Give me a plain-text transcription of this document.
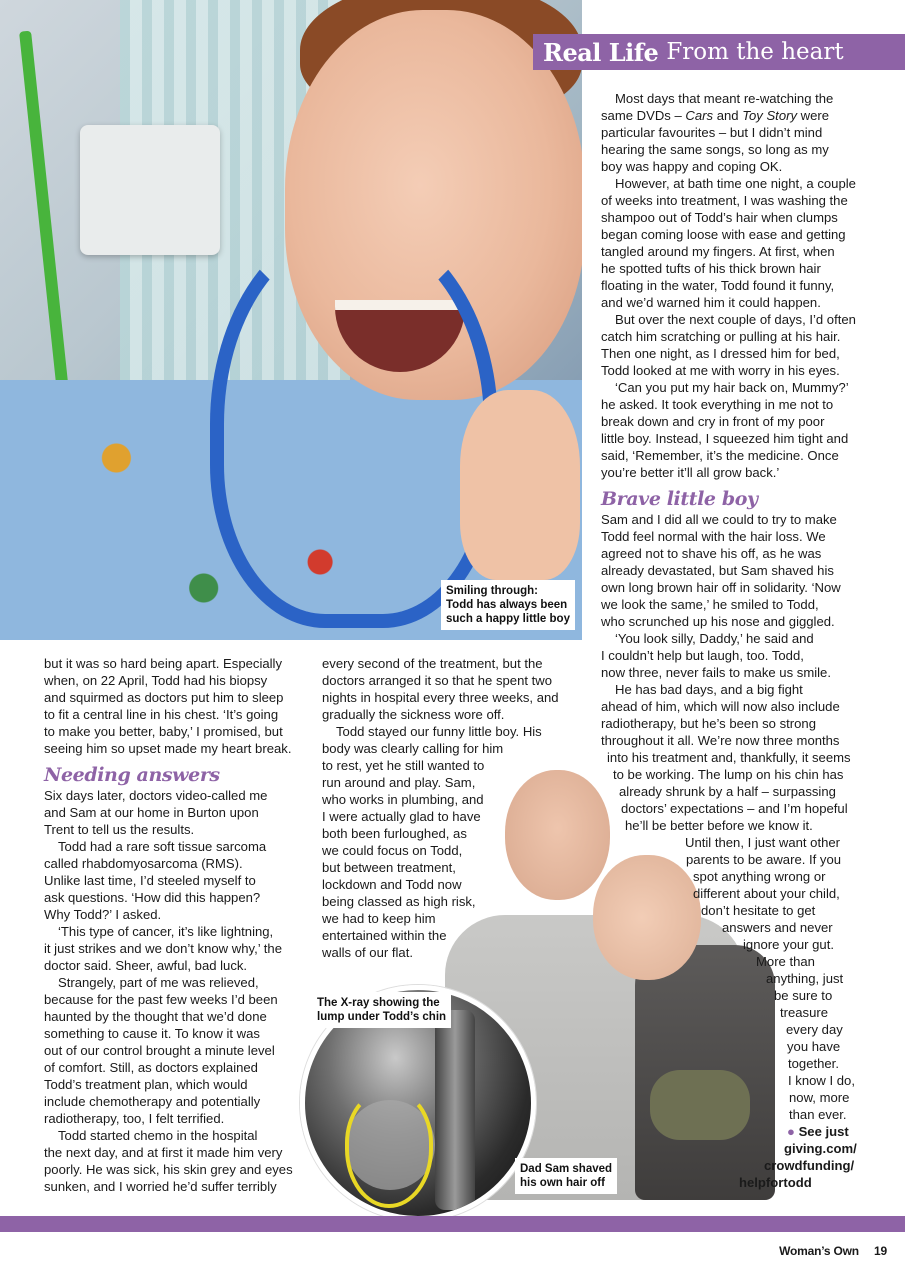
Smiling through:
Todd has always been
such a happy little boy
Real Life From the heart

but it was so hard being apart. Especially
when, on 22 April, Todd had his biopsy
and squirmed as doctors put him to sleep
to fit a central line in his chest. ‘It’s going
to make you better, baby,’ I promised, but
seeing him so upset made my heart break.

Needing answers

Six days later, doctors video-called me
and Sam at our home in Burton upon
Trent to tell us the results.

Todd had a rare soft tissue sarcoma
called rhabdomyosarcoma (RMS).
Unlike last time, I’d steeled myself to
ask questions. ‘How did this happen?
Why Todd?’ I asked.

‘This type of cancer, it’s like lightning,
it just strikes and we don’t know why,’ the
doctor said. Sheer, awful, bad luck.

Strangely, part of me was relieved,
because for the past few weeks I’d been
haunted by the thought that we’d done
something to cause it. To know it was
out of our control brought a minute level
of comfort. Still, as doctors explained
Todd’s treatment plan, which would
include chemotherapy and potentially
radiotherapy, too, I felt terrified.

Todd started chemo in the hospital
the next day, and at first it made him very
poorly. He was sick, his skin grey and eyes
sunken, and I worried he’d suffer terribly

every second of the treatment, but the
doctors arranged it so that he spent two
nights in hospital every three weeks, and
gradually the sickness wore off.

Todd stayed our funny little boy. His
body was clearly calling for him
to rest, yet he still wanted to
run around and play. Sam,
who works in plumbing, and
I were actually glad to have
both been furloughed, as
we could focus on Todd,
but between treatment,
lockdown and Todd now
being classed as high risk,
we had to keep him
entertained within the
walls of our flat.

The X-ray showing the
lump under Todd’s chin
Dad Sam shaved
his own hair off

Most days that meant re-watching the
same DVDs – Cars and Toy Story were
particular favourites – but I didn’t mind
hearing the same songs, so long as my
boy was happy and coping OK.

However, at bath time one night, a couple
of weeks into treatment, I was washing the
shampoo out of Todd’s hair when clumps
began coming loose with ease and getting
tangled around my fingers. At first, when
he spotted tufts of his thick brown hair
floating in the water, Todd found it funny,
and we’d warned him it could happen.

But over the next couple of days, I’d often
catch him scratching or pulling at his hair.
Then one night, as I dressed him for bed,
Todd looked at me with worry in his eyes.

‘Can you put my hair back on, Mummy?’
he asked. It took everything in me not to
break down and cry in front of my poor
little boy. Instead, I squeezed him tight and
said, ‘Remember, it’s the medicine. Once
you’re better it’ll all grow back.’

Brave little boy

Sam and I did all we could to try to make
Todd feel normal with the hair loss. We
agreed not to shave his off, as he was
already devastated, but Sam shaved his
own long brown hair off in solidarity. ‘Now
we look the same,’ he smiled to Todd,
who scrunched up his nose and giggled.

‘You look silly, Daddy,’ he said and
I couldn’t help but laugh, too. Todd,
now three, never fails to make us smile.

He has bad days, and a big fight
ahead of him, which will now also include
radiotherapy, but he’s been so strong
throughout it all. We’re now three months
into his treatment and, thankfully, it seems
to be working. The lump on his chin has
already shrunk by a half – surpassing
doctors’ expectations – and I’m hopeful
he’ll be better before we know it.

Until then, I just want other
parents to be aware. If you
spot anything wrong or
different about your child,
don’t hesitate to get
answers and never
ignore your gut.
More than
anything, just
be sure to
treasure
every day
you have
together.
I know I do,
now, more
than ever.

● See just
giving.com/
crowdfunding/
helpfortodd

Woman’s Own 19
